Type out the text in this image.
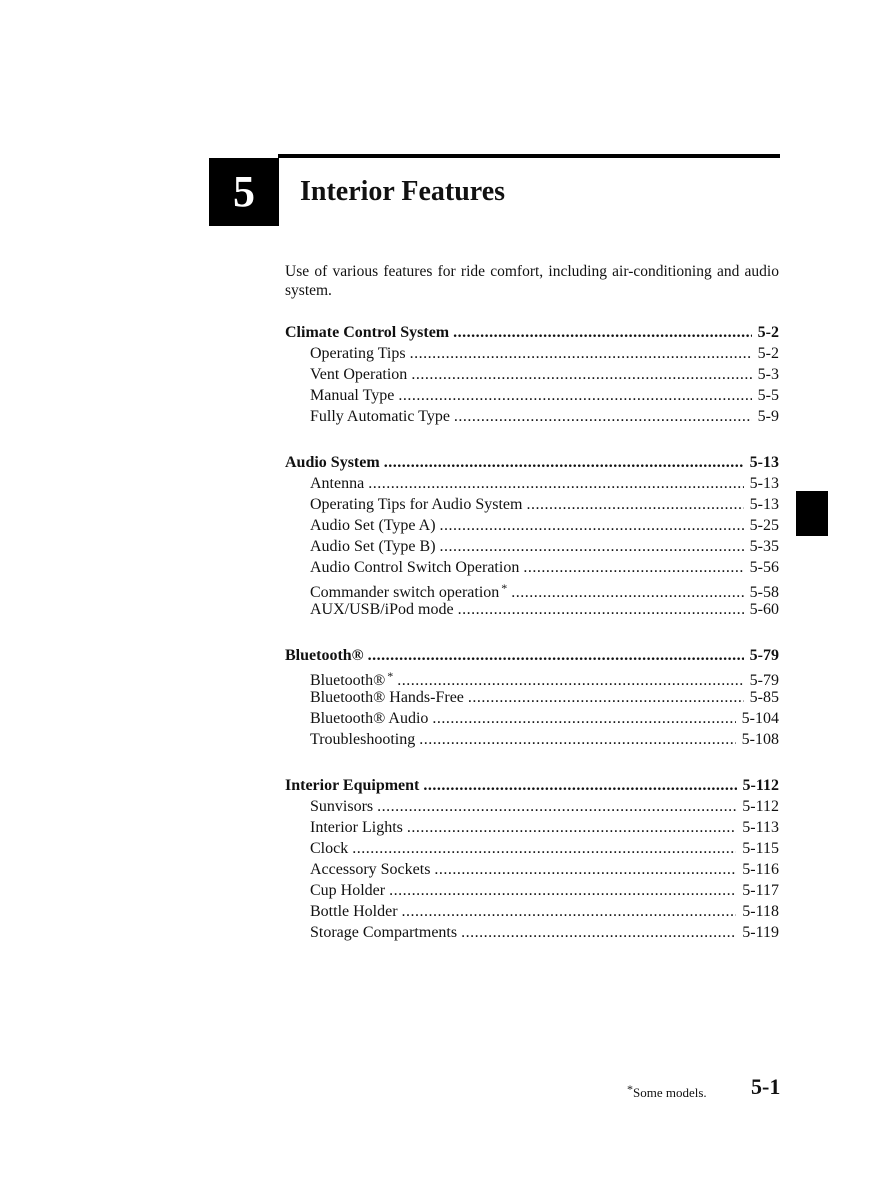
5 Interior Features
Use of various features for ride comfort, including air-conditioning and audio system.
Climate Control System .....	5-2
Operating Tips .....	5-2
Vent Operation .....	5-3
Manual Type .....	5-5
Fully Automatic Type .....	5-9
Audio System .....	5-13
Antenna .....	5-13
Operating Tips for Audio System .....	5-13
Audio Set (Type A) .....	5-25
Audio Set (Type B) .....	5-35
Audio Control Switch Operation .....	5-56
Commander switch operation * .....	5-58
AUX/USB/iPod mode .....	5-60
Bluetooth® .....	5-79
Bluetooth® * .....	5-79
Bluetooth® Hands-Free .....	5-85
Bluetooth® Audio .....	5-104
Troubleshooting .....	5-108
Interior Equipment .....	5-112
Sunvisors .....	5-112
Interior Lights .....	5-113
Clock .....	5-115
Accessory Sockets .....	5-116
Cup Holder .....	5-117
Bottle Holder .....	5-118
Storage Compartments .....	5-119
*Some models. 5-1
